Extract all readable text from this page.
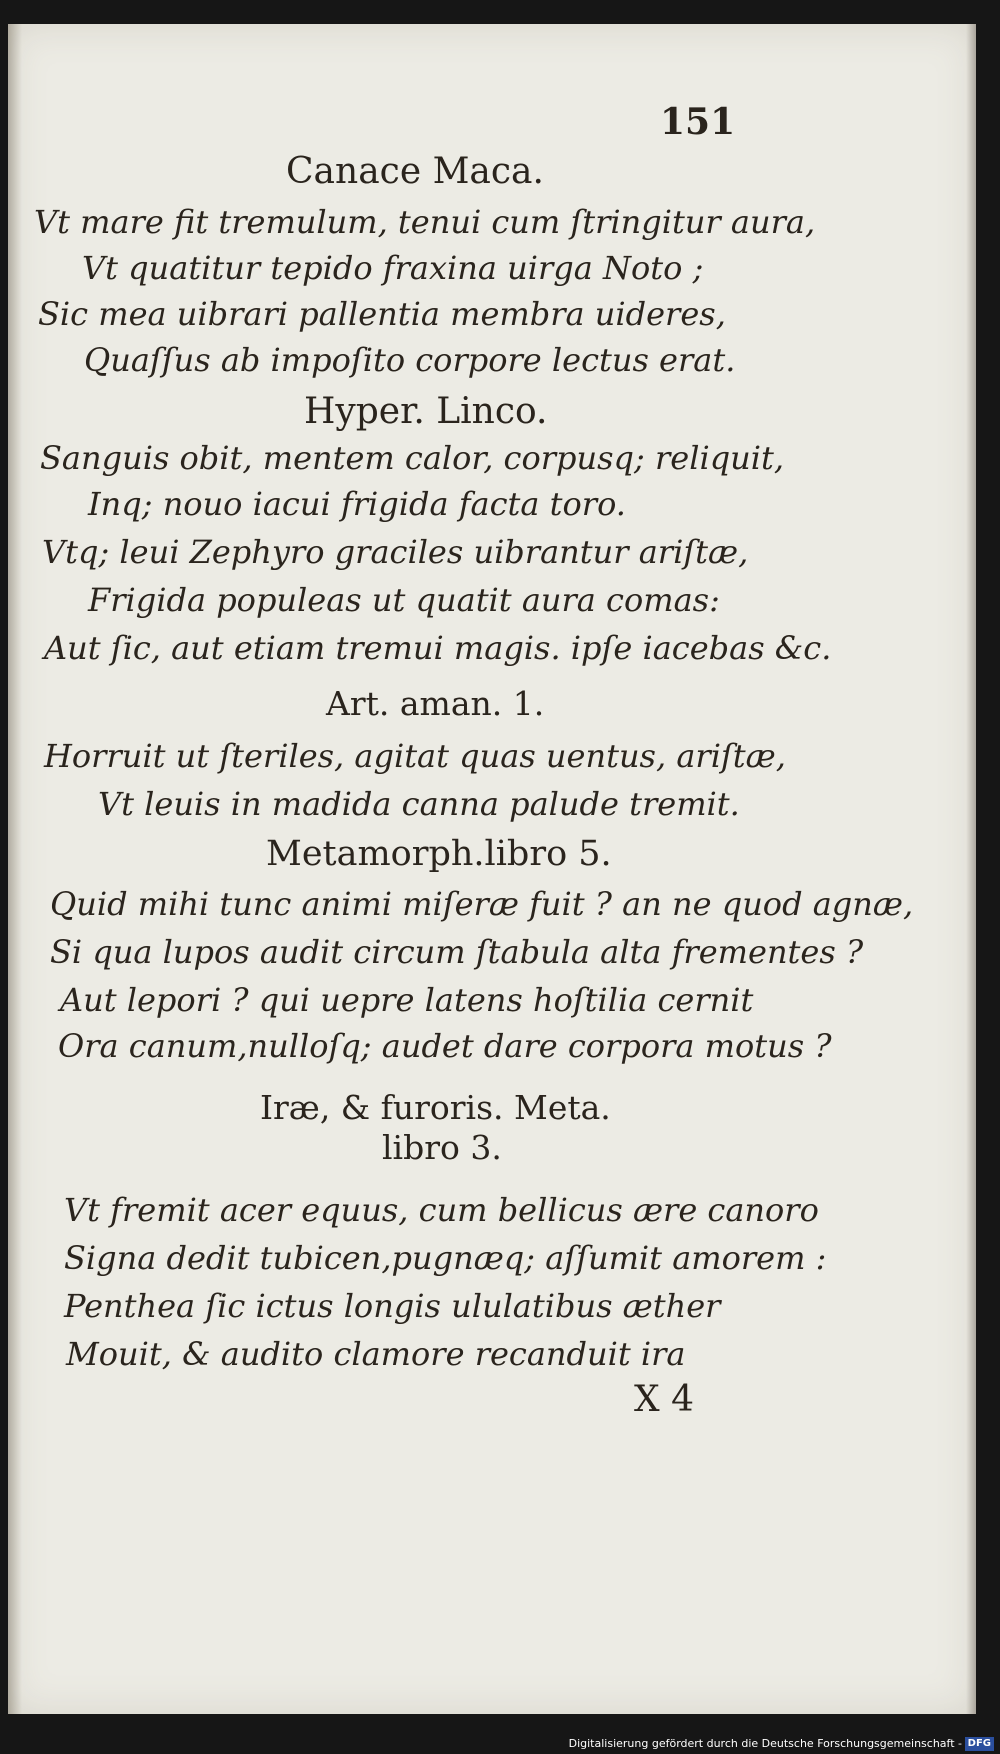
151
Canace Maca.
Vt mare fit tremulum, tenui cum ſtringitur aura,
Vt quatitur tepido fraxina uirga Noto ;
Sic mea uibrari pallentia membra uideres,
Quaſſus ab impoſito corpore lectus erat.
Hyper. Linco.
Sanguis obit, mentem calor, corpusq; reliquit,
Inq; nouo iacui frigida facta toro.
Vtq; leui Zephyro graciles uibrantur ariſtæ,
Frigida populeas ut quatit aura comas:
Aut ſic, aut etiam tremui magis. ipſe iacebas &c.
Art. aman. 1.
Horruit ut ſteriles, agitat quas uentus, ariſtæ,
Vt leuis in madida canna palude tremit.
Metamorph.libro 5.
Quid mihi tunc animi miſeræ fuit ? an ne quod agnæ,
Si qua lupos audit circum ſtabula alta frementes ?
Aut lepori ? qui uepre latens hoſtilia cernit
Ora canum,nulloſq; audet dare corpora motus ?
Iræ, & furoris. Meta.
libro 3.
Vt fremit acer equus, cum bellicus ære canoro
Signa dedit tubicen,pugnæq; aſſumit amorem :
Penthea ſic ictus longis ululatibus æther
Mouit, & audito clamore recanduit ira
X 4
Digitalisierung gefördert durch die Deutsche Forschungsgemeinschaft - DFG
